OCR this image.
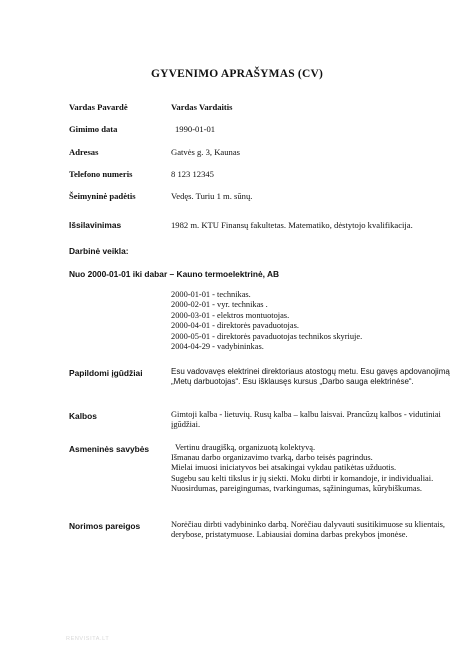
GYVENIMO APRAŠYMAS (CV)
Vardas Pavardė	Vardas Vardaitis
Gimimo data	1990-01-01
Adresas	Gatvės g. 3, Kaunas
Telefono numeris	8 123 12345
Šeimyninė padėtis	Vedęs. Turiu 1 m. sūnų.
Išsilavinimas	1982 m. KTU Finansų fakultetas. Matematiko, dėstytojo kvalifikacija.
Darbinė veikla:
Nuo 2000-01-01 iki dabar – Kauno termoelektrinė, AB
2000-01-01 - technikas.
2000-02-01 - vyr. technikas .
2000-03-01 - elektros montuotojas.
2000-04-01 - direktorės pavaduotojas.
2000-05-01 - direktorės pavaduotojas technikos skyriuje.
2004-04-29 - vadybininkas.
Papildomi įgūdžiai	Esu vadovavęs elektrinei direktoriaus atostogų metu. Esu gavęs apdovanojimą „Metų darbuotojas“. Esu išklausęs kursus „Darbo sauga elektrinėse“.
Kalbos	Gimtoji kalba - lietuvių. Rusų kalba – kalbu laisvai. Prancūzų kalbos - vidutiniai įgūdžiai.
Asmeninės savybės	Vertinu draugišką, organizuotą kolektyvą.
Išmanau darbo organizavimo tvarką, darbo teisės pagrindus.
Mielai imuosi iniciatyvos bei atsakingai vykdau patikėtas užduotis.
Sugebu sau kelti tikslus ir jų siekti. Moku dirbti ir komandoje, ir individualiai.
Nuosirdumas, pareigingumas, tvarkingumas, sąžiningumas, kūrybiškumas.
Norimos pareigos	Norėčiau dirbti vadybininko darbą. Norėčiau dalyvauti susitikimuose su klientais, derybose, pristatymuose. Labiausiai domina darbas prekybos įmonėse.
RENVISITA.LT
